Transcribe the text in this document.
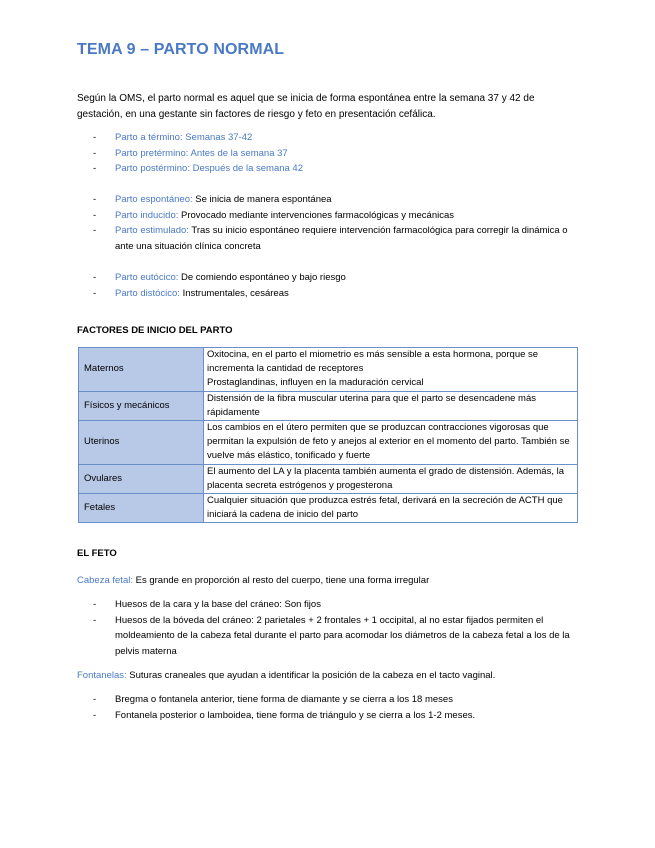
TEMA 9 – PARTO NORMAL

Según la OMS, el parto normal es aquel que se inicia de forma espontánea entre la semana 37 y 42 de gestación, en una gestante sin factores de riesgo y feto en presentación cefálica.

- Parto a término: Semanas 37-42
- Parto pretérmino: Antes de la semana 37
- Parto postérmino: Después de la semana 42
- Parto espontáneo: Se inicia de manera espontánea
- Parto inducido: Provocado mediante intervenciones farmacológicas y mecánicas
- Parto estimulado: Tras su inicio espontáneo requiere intervención farmacológica para corregir la dinámica o ante una situación clínica concreta
- Parto eutócico: De comiendo espontáneo y bajo riesgo
- Parto distócico: Instrumentales, cesáreas
FACTORES DE INICIO DEL PARTO
Maternos	Oxitocina, en el parto el miometrio es más sensible a esta hormona, porque se incrementa la cantidad de receptores
Prostaglandinas, influyen en la maduración cervical

Físicos y mecánicos	Distensión de la fibra muscular uterina para que el parto se desencadene más rápidamente

Uterinos	Los cambios en el útero permiten que se produzcan contracciones vigorosas que permitan la expulsión de feto y anejos al exterior en el momento del parto. También se vuelve más elástico, tonificado y fuerte

Ovulares	El aumento del LA y la placenta también aumenta el grado de distensión. Además, la placenta secreta estrógenos y progesterona

Fetales	Cualquier situación que produzca estrés fetal, derivará en la secreción de ACTH que iniciará la cadena de inicio del parto
EL FETO

Cabeza fetal: Es grande en proporción al resto del cuerpo, tiene una forma irregular

- Huesos de la cara y la base del cráneo: Son fijos
- Huesos de la bóveda del cráneo: 2 parietales + 2 frontales + 1 occipital, al no estar fijados permiten el moldeamiento de la cabeza fetal durante el parto para acomodar los diámetros de la cabeza fetal a los de la pelvis materna

Fontanelas: Suturas craneales que ayudan a identificar la posición de la cabeza en el tacto vaginal.

- Bregma o fontanela anterior, tiene forma de diamante y se cierra a los 18 meses
- Fontanela posterior o lamboidea, tiene forma de triángulo y se cierra a los 1-2 meses.
